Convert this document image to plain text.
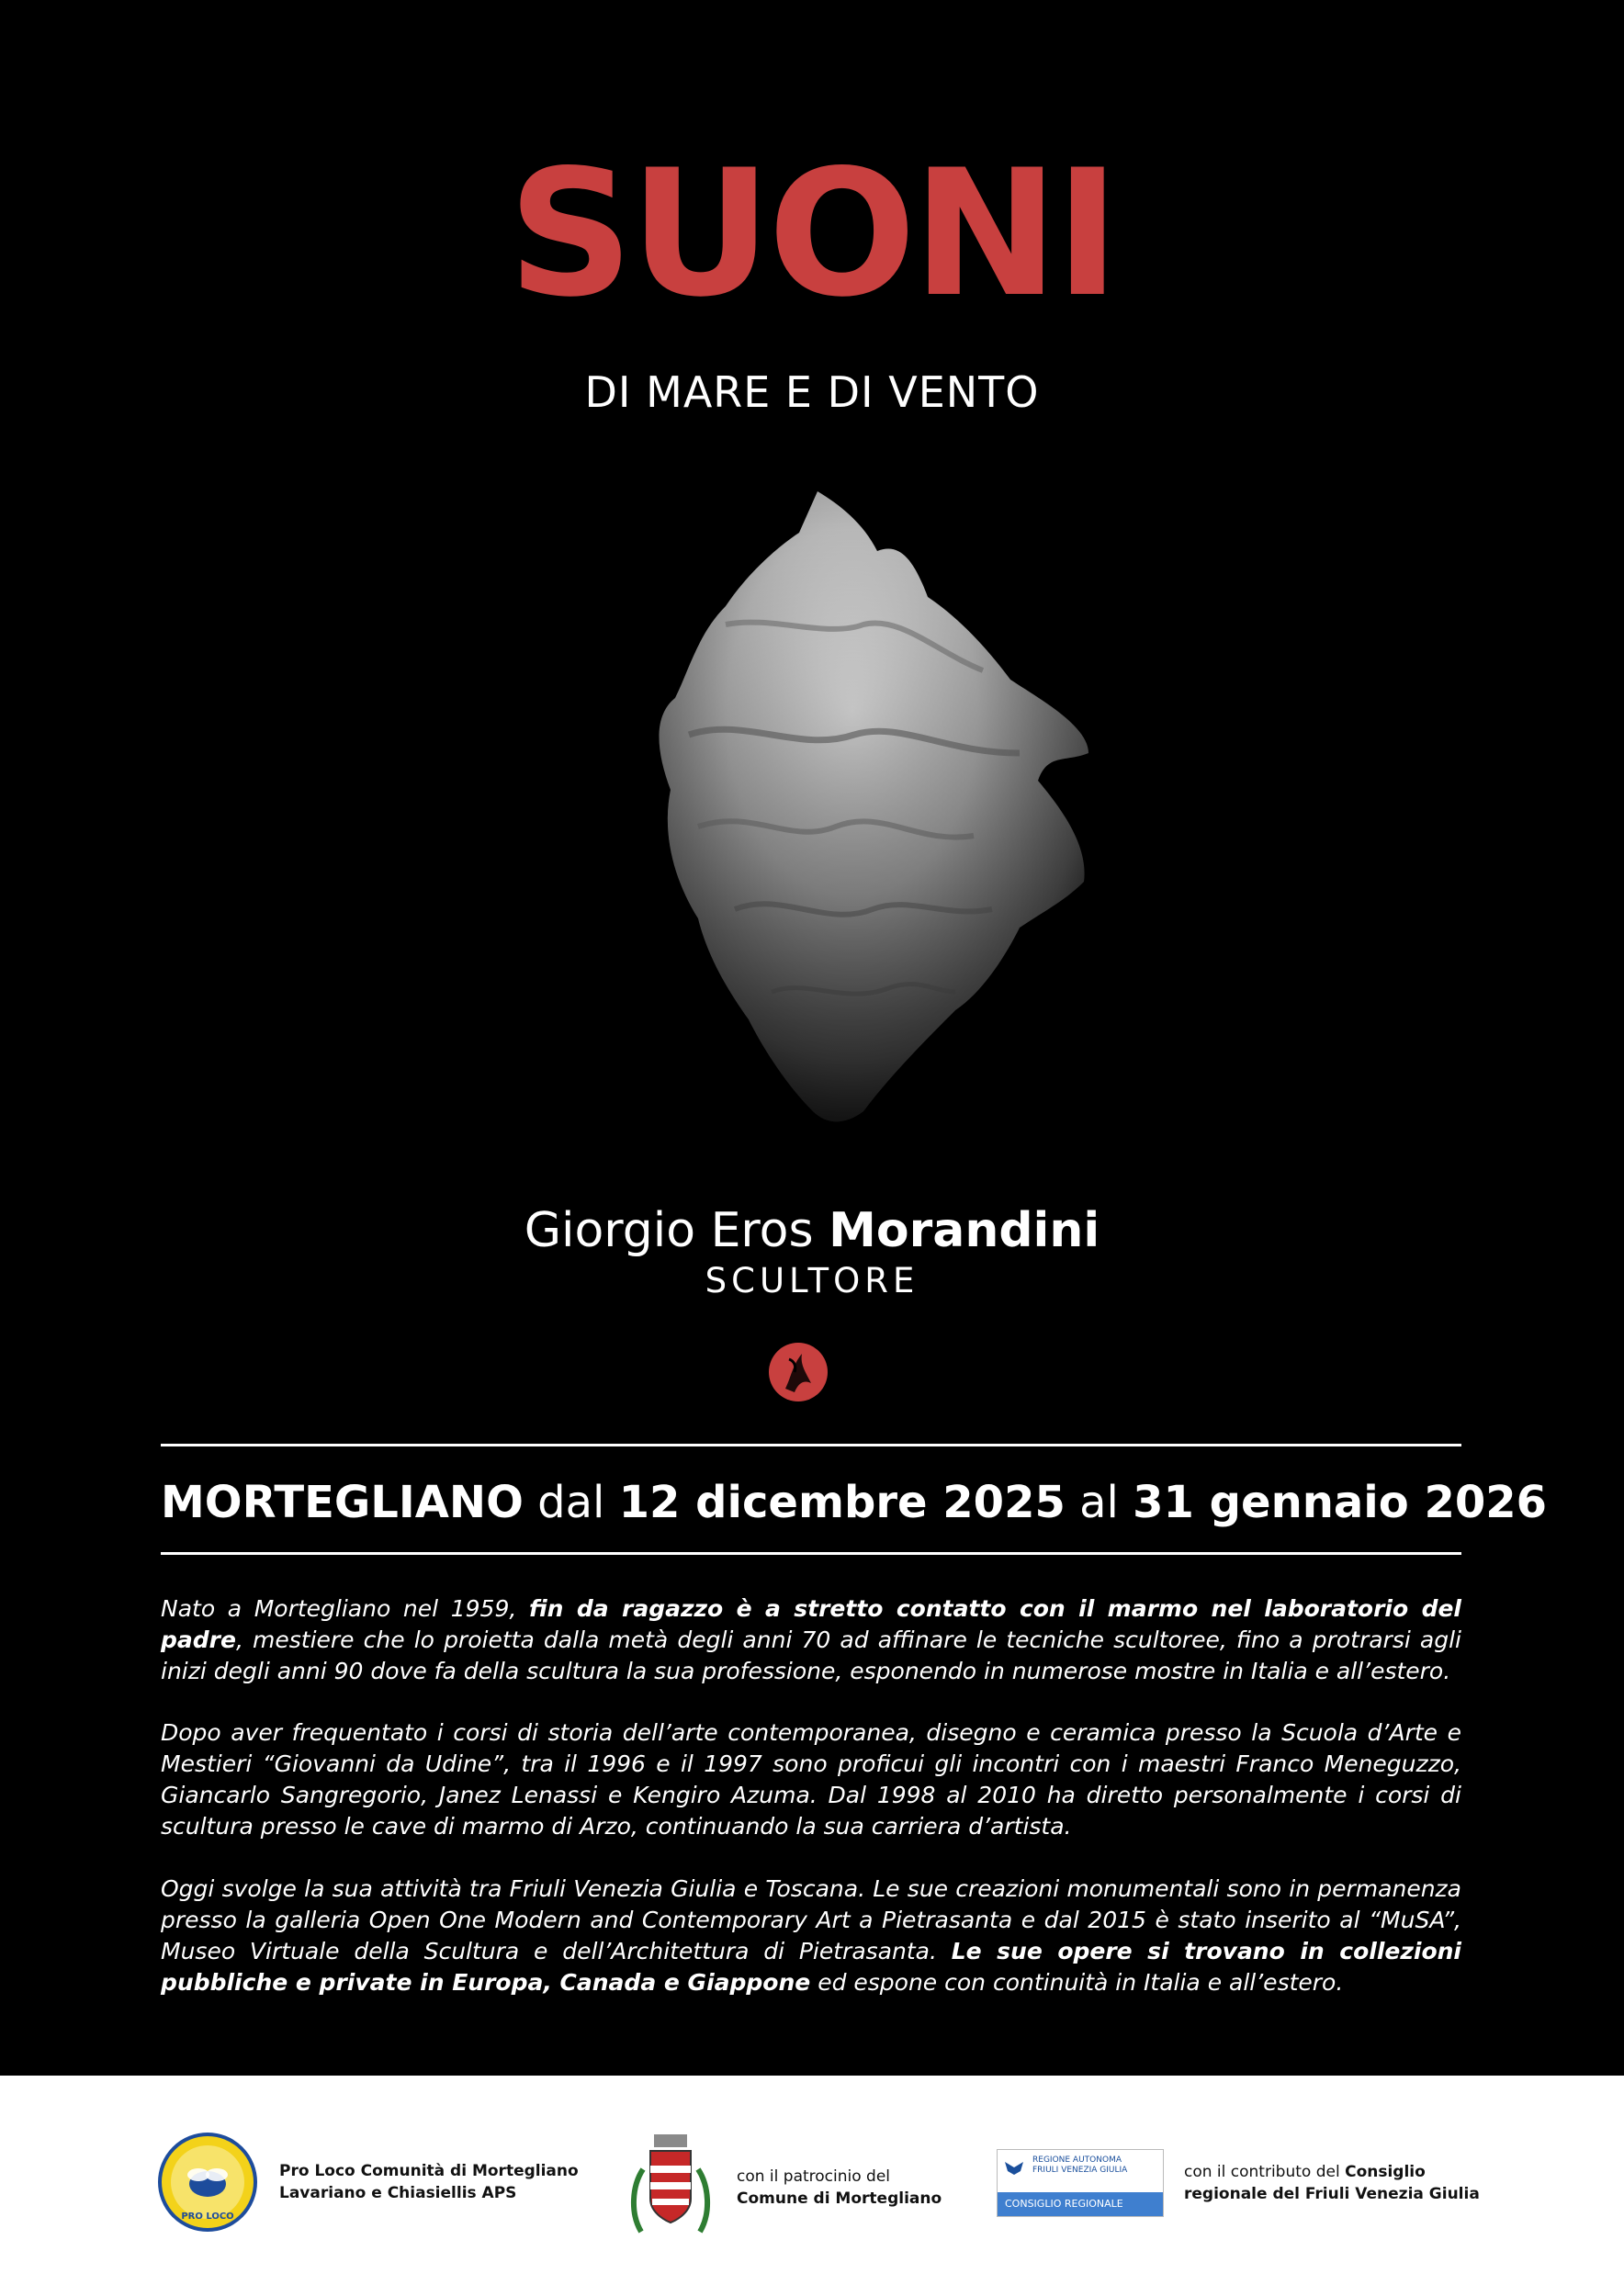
SUONI
DI MARE E DI VENTO
Giorgio Eros Morandini
SCULTORE
MORTEGLIANO dal 12 dicembre 2025 al 31 gennaio 2026

Nato a Mortegliano nel 1959, fin da ragazzo è a stretto contatto con il marmo nel laboratorio del padre, mestiere che lo proietta dalla metà degli anni 70 ad affinare le tecniche scultoree, fino a protrarsi agli inizi degli anni 90 dove fa della scultura la sua professione, esponendo in numerose mostre in Italia e all’estero.

Dopo aver frequentato i corsi di storia dell’arte contemporanea, disegno e ceramica presso la Scuola d’Arte e Mestieri “Giovanni da Udine”, tra il 1996 e il 1997 sono proficui gli incontri con i maestri Franco Meneguzzo, Giancarlo Sangregorio, Janez Lenassi e Kengiro Azuma. Dal 1998 al 2010 ha diretto personalmente i corsi di scultura presso le cave di marmo di Arzo, continuando la sua carriera d’artista.

Oggi svolge la sua attività tra Friuli Venezia Giulia e Toscana. Le sue creazioni monumentali sono in permanenza presso la galleria Open One Modern and Contemporary Art a Pietrasanta e dal 2015 è stato inserito al “MuSA”, Museo Virtuale della Scultura e dell’Architettura di Pietrasanta. Le sue opere si trovano in collezioni pubbliche e private in Europa, Canada e Giappone ed espone con continuità in Italia e all’estero.

PRO LOCO
Pro Loco Comunità di Mortegliano
Lavariano e Chiasiellis APS
con il patrocinio del
Comune di Mortegliano
REGIONE AUTONOMA
FRIULI VENEZIA GIULIA
CONSIGLIO REGIONALE
con il contributo del Consiglio
regionale del Friuli Venezia Giulia
